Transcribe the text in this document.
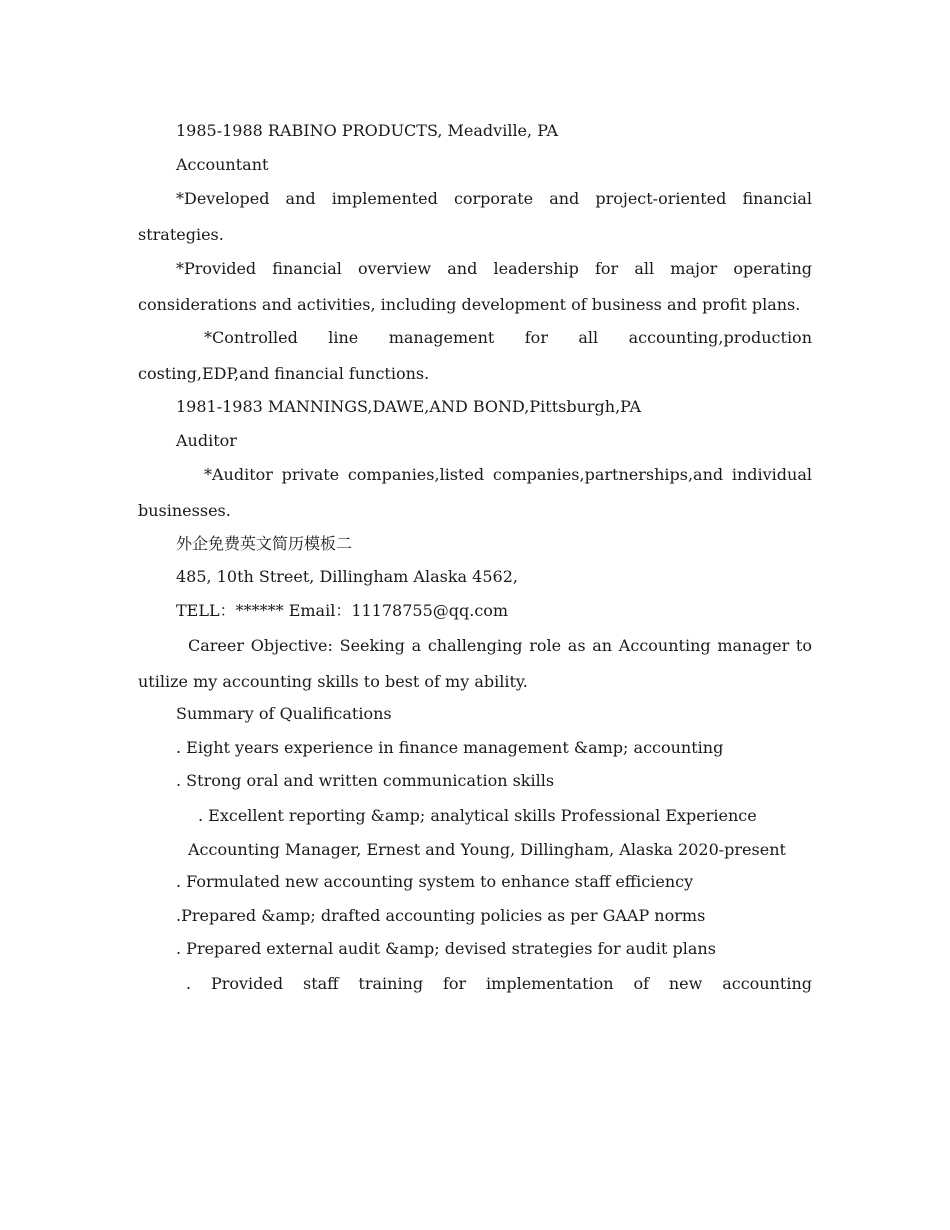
1985-1988 RABINO PRODUCTS, Meadville, PA
Accountant

*Developed and implemented corporate and project-oriented financial strategies.

*Provided financial overview and leadership for all major operating considerations and activities, including development of business and profit plans.

*Controlled line management for all accounting,production costing,EDP,and financial functions.

1981-1983 MANNINGS,DAWE,AND BOND,Pittsburgh,PA
Auditor

*Auditor private companies,listed companies,partnerships,and individual businesses.

外企免费英文简历模板二
485, 10th Street, Dillingham Alaska 4562,
TELL：****** Email：11178755@qq.com

Career Objective: Seeking a challenging role as an Accounting manager to utilize my accounting skills to best of my ability.

Summary of Qualifications
. Eight years experience in finance management &amp; accounting
. Strong oral and written communication skills

. Excellent reporting &amp; analytical skills Professional Experience

Accounting Manager, Ernest and Young, Dillingham, Alaska 2020-present

. Formulated new accounting system to enhance staff efficiency
.Prepared &amp; drafted accounting policies as per GAAP norms
. Prepared external audit &amp; devised strategies for audit plans

. Provided staff training for implementation of new accounting
